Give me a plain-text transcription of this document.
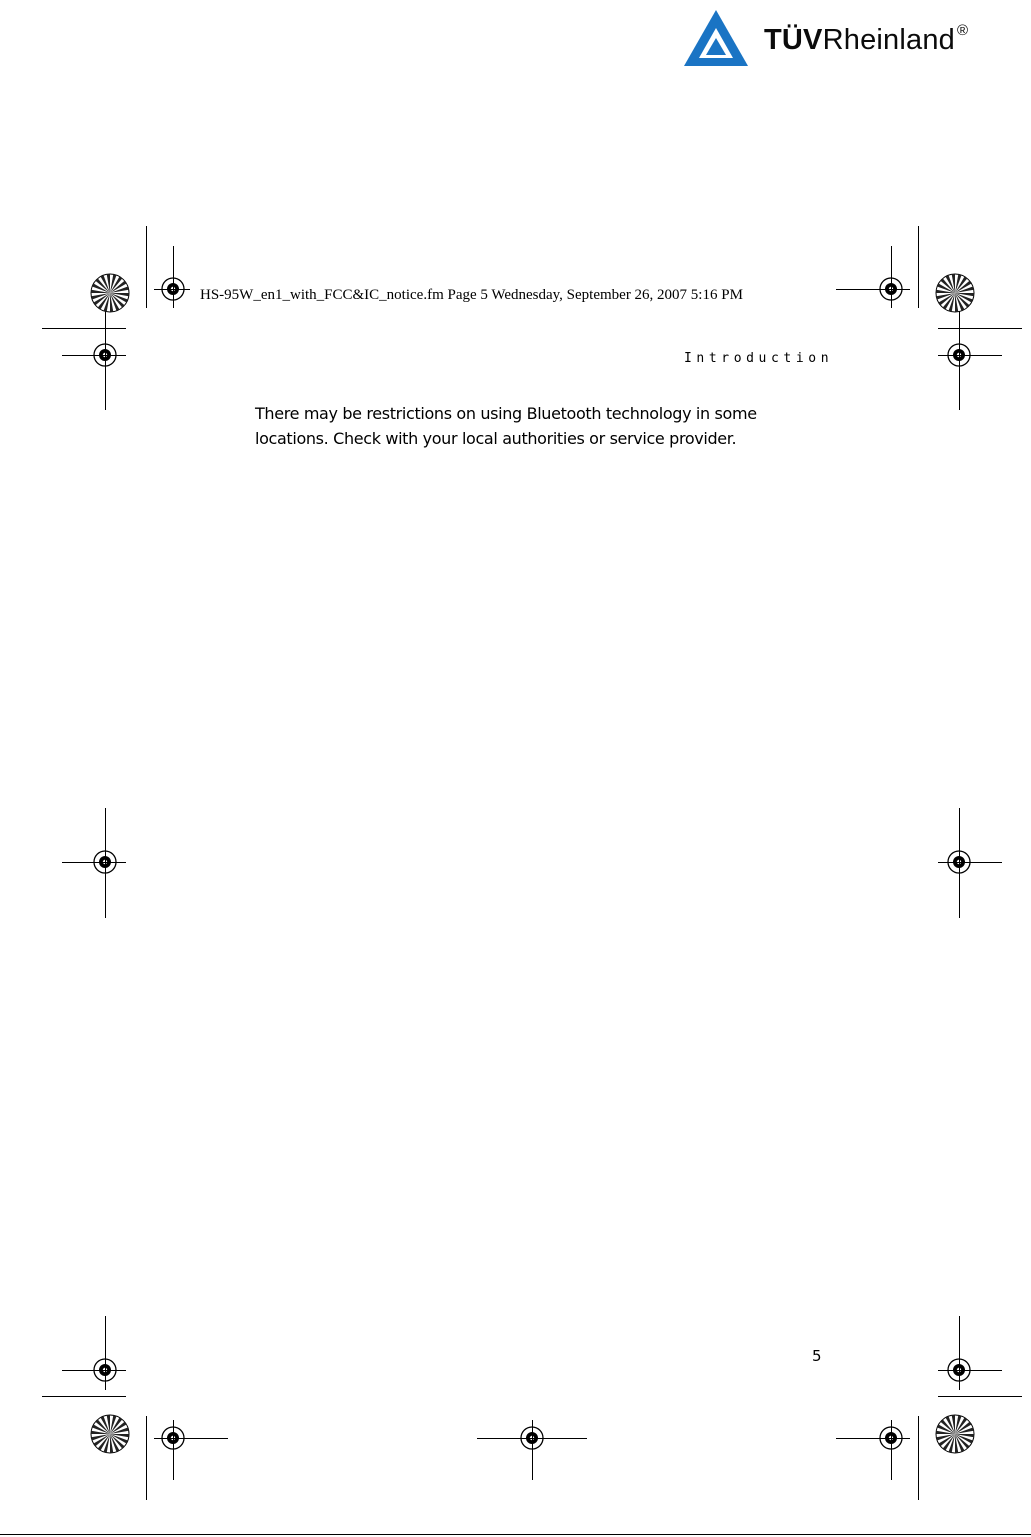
TÜVRheinland ®
HS-95W_en1_with_FCC&IC_notice.fm Page 5 Wednesday, September 26, 2007 5:16 PM
Introduction

There may be restrictions on using Bluetooth technology in some

locations. Check with your local authorities or service provider.

5
